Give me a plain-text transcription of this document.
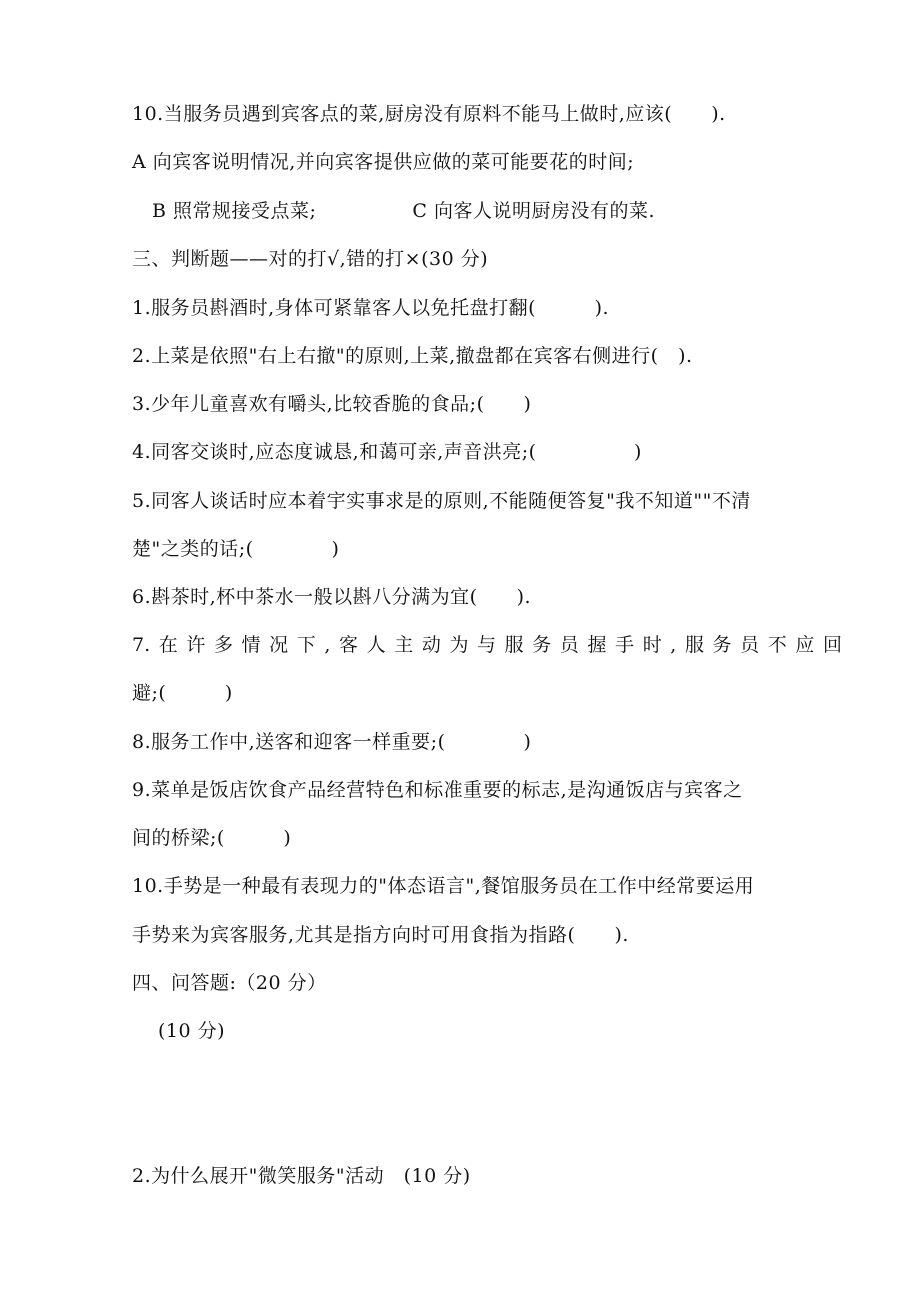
10.当服务员遇到宾客点的菜,厨房没有原料不能马上做时,应该(　　).
A 向宾客说明情况,并向宾客提供应做的菜可能要花的时间;
B 照常规接受点菜;	C 向客人说明厨房没有的菜.
三、判断题——对的打√,错的打×(30 分)
1.服务员斟酒时,身体可紧靠客人以免托盘打翻(　　　).
2.上菜是依照"右上右撤"的原则,上菜,撤盘都在宾客右侧进行(　).
3.少年儿童喜欢有嚼头,比较香脆的食品;(　　)
4.同客交谈时,应态度诚恳,和蔼可亲,声音洪亮;(　　　　　)
5.同客人谈话时应本着宇实事求是的原则,不能随便答复"我不知道""不清
楚"之类的话;(　　　　)
6.斟茶时,杯中茶水一般以斟八分满为宜(　　).
7.在许多情况下,客人主动为与服务员握手时,服务员不应回
避;(　　　)
8.服务工作中,送客和迎客一样重要;(　　　　)
9.菜单是饭店饮食产品经营特色和标准重要的标志,是沟通饭店与宾客之
间的桥梁;(　　　)
10.手势是一种最有表现力的"体态语言",餐馆服务员在工作中经常要运用
手势来为宾客服务,尤其是指方向时可用食指为指路(　　).
四、问答题:（20 分）
(10 分)
2.为什么展开"微笑服务"活动　(10 分)
